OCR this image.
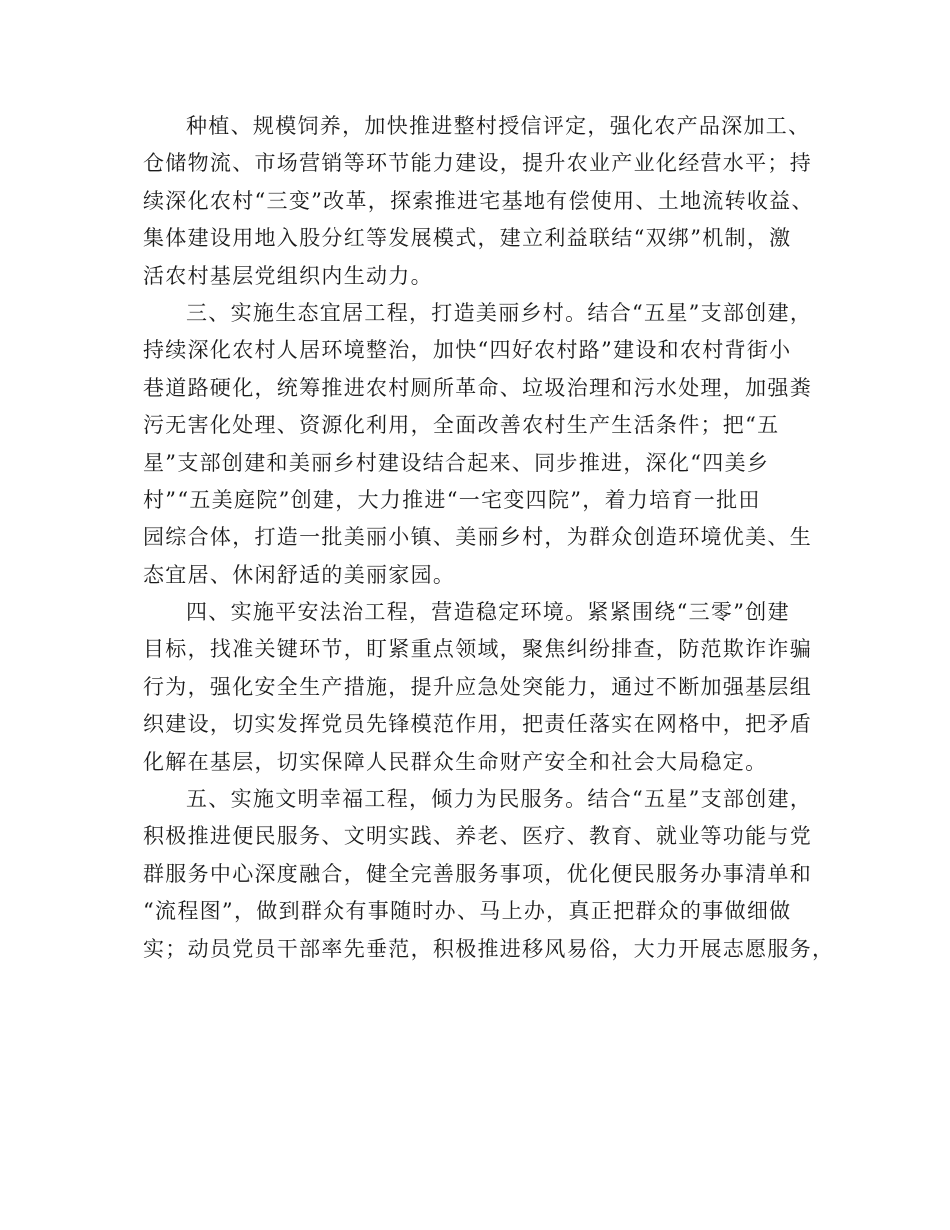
种植、规模饲养，加快推进整村授信评定，强化农产品深加工、
仓储物流、市场营销等环节能力建设，提升农业产业化经营水平；持
续深化农村“三变”改革，探索推进宅基地有偿使用、土地流转收益、
集体建设用地入股分红等发展模式，建立利益联结“双绑”机制，激
活农村基层党组织内生动力。
三、实施生态宜居工程，打造美丽乡村。结合“五星”支部创建，
持续深化农村人居环境整治，加快“四好农村路”建设和农村背街小
巷道路硬化，统筹推进农村厕所革命、垃圾治理和污水处理，加强粪
污无害化处理、资源化利用，全面改善农村生产生活条件；把“五
星”支部创建和美丽乡村建设结合起来、同步推进，深化“四美乡
村”“五美庭院”创建，大力推进“一宅变四院”，着力培育一批田
园综合体，打造一批美丽小镇、美丽乡村，为群众创造环境优美、生
态宜居、休闲舒适的美丽家园。
四、实施平安法治工程，营造稳定环境。紧紧围绕“三零”创建
目标，找准关键环节，盯紧重点领域，聚焦纠纷排查，防范欺诈诈骗
行为，强化安全生产措施，提升应急处突能力，通过不断加强基层组
织建设，切实发挥党员先锋模范作用，把责任落实在网格中，把矛盾
化解在基层，切实保障人民群众生命财产安全和社会大局稳定。
五、实施文明幸福工程，倾力为民服务。结合“五星”支部创建，
积极推进便民服务、文明实践、养老、医疗、教育、就业等功能与党
群服务中心深度融合，健全完善服务事项，优化便民服务办事清单和
“流程图”，做到群众有事随时办、马上办，真正把群众的事做细做
实；动员党员干部率先垂范，积极推进移风易俗，大力开展志愿服务，
